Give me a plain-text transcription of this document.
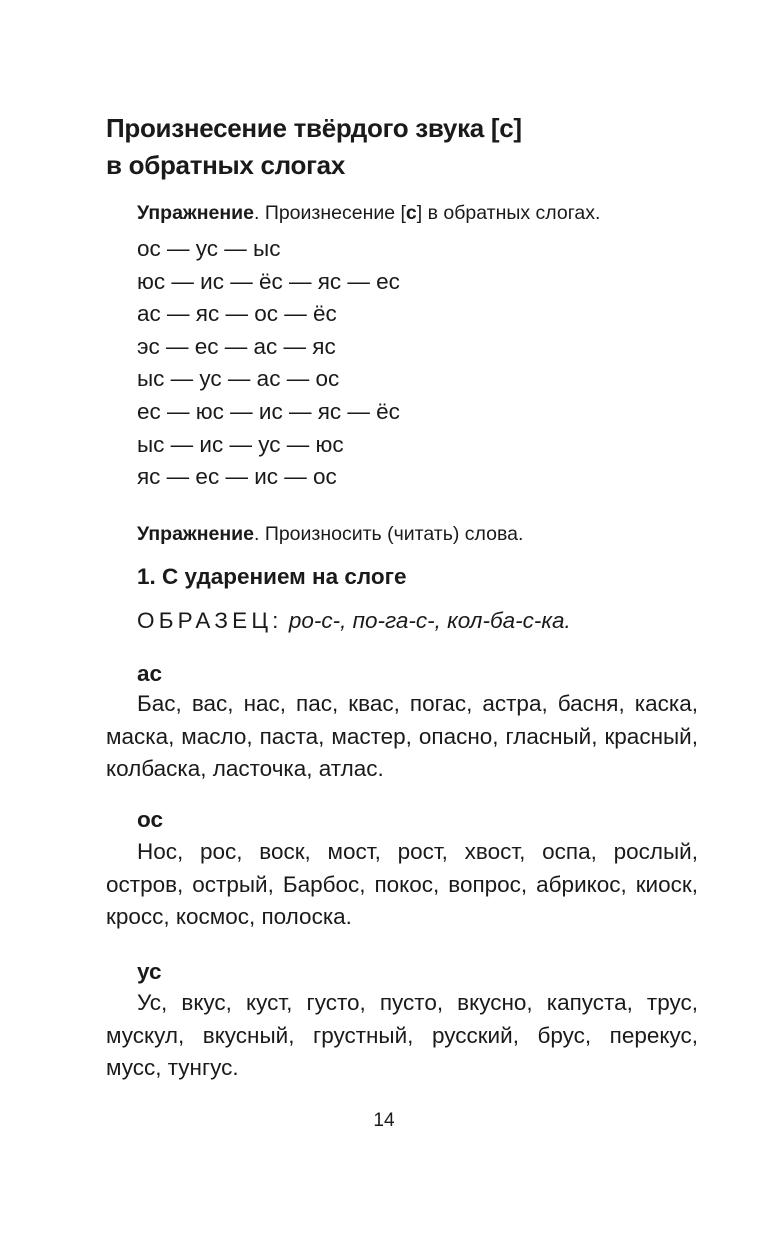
Произнесение твёрдого звука [с]
в обратных слогах
Упражнение. Произнесение [с] в обратных слогах.
ос — ус — ыс
юс — ис — ёс — яс — ес
ас — яс — ос — ёс
эс — ес — ас — яс
ыс — ус — ас — ос
ес — юс — ис — яс — ёс
ыс — ис — ус — юс
яс — ес — ис — ос
Упражнение. Произносить (читать) слова.
1. С ударением на слоге
ОБРАЗЕЦ: ро-с-, по-га-с-, кол-ба-с-ка.
ас
Бас, вас, нас, пас, квас, погас, астра, басня, каска, маска, масло, паста, мастер, опасно, гласный, красный, колбаска, ласточка, атлас.
ос
Нос, рос, воск, мост, рост, хвост, оспа, рослый, остров, острый, Барбос, покос, вопрос, абрикос, киоск, кросс, космос, полоска.
ус
Ус, вкус, куст, густо, пусто, вкусно, капуста, трус, мускул, вкусный, грустный, русский, брус, перекус, мусс, тунгус.
14
